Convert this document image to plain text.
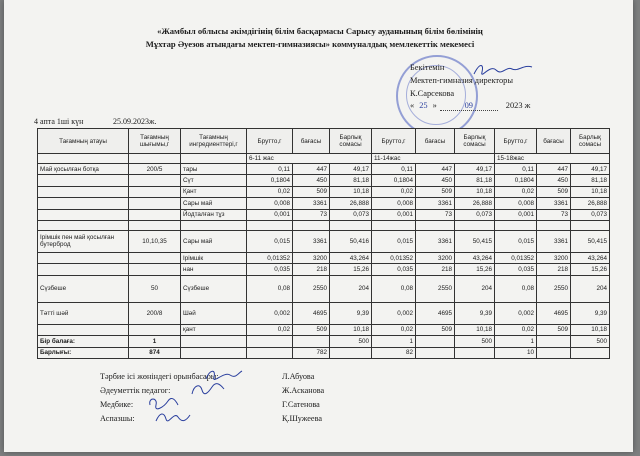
«Жамбыл облысы әкімдігінің білім басқармасы Сарысу ауданының білім бөлімінің
Мұхтар Әуезов атындағы мектеп-гимназиясы» коммуналдық мемлекеттік мекемесі
Бекітемін
Мектеп-гимназия директоры
К.Сарсекова
« 25 »	09	2023 ж
4 апта 1ші күн	25.09.2023ж.
Тағамның атауы	Тағамның шығымы,г	Тағамның ингредиенттері,г	Брутто,г	бағасы	Барлық сомасы	Брутто,г	бағасы	Барлық сомасы	Брутто,г	бағасы	Барлық сомасы
			6-11 жас			11-14жас			15-18жас		
Май қосылған ботқа	200/5	тары	0,11	447	49,17	0,11	447	49,17	0,11	447	49,17
		Сүт	0,1804	450	81,18	0,1804	450	81,18	0,1804	450	81,18
		Қант	0,02	509	10,18	0,02	509	10,18	0,02	509	10,18
		Сары май	0,008	3361	26,888	0,008	3361	26,888	0,008	3361	26,888
		Йодталған тұз	0,001	73	0,073	0,001	73	0,073	0,001	73	0,073

Ірімшік пен май қосылған бутерброд	10,10,35	Сары май	0,015	3361	50,416	0,015	3361	50,415	0,015	3361	50,415
		Ірімшік	0,01352	3200	43,264	0,01352	3200	43,264	0,01352	3200	43,264
		нан	0,035	218	15,26	0,035	218	15,26	0,035	218	15,26
Сүзбеше	50	Сүзбеше	0,08	2550	204	0,08	2550	204	0,08	2550	204
Тәтті шәй	200/8	Шәй	0,002	4695	9,39	0,002	4695	9,39	0,002	4695	9,39
		қант	0,02	509	10,18	0,02	509	10,18	0,02	509	10,18
Бір балаға:	1				500	1		500	1		500
Барлығы:	874			782		82			10		
Тәрбие ісі жөніндегі орынбасары:	Л.Абуова
Әдеуметтік педагог:	Ж.Асканова
Медбике:	Г.Сатенова
Аспазшы:	Қ.Шужеева
